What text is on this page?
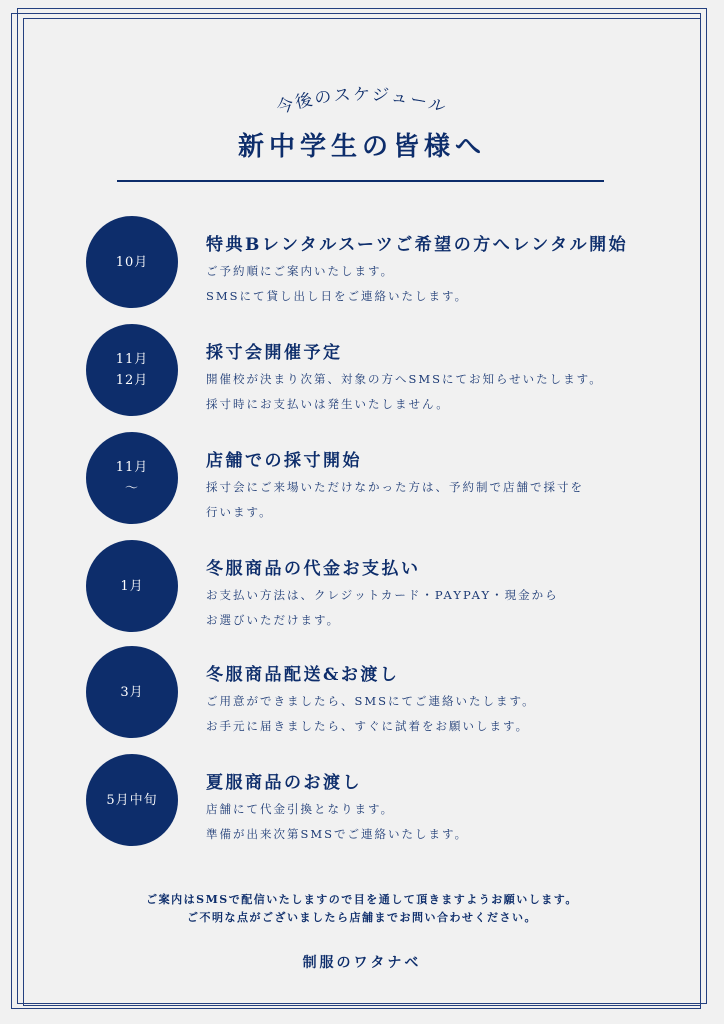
今後のスケジュール
新中学生の皆様へ
10月
特典Bレンタルスーツご希望の方へレンタル開始
ご予約順にご案内いたします。
SMSにて貸し出し日をご連絡いたします。
11月
12月
採寸会開催予定
開催校が決まり次第、対象の方へSMSにてお知らせいたします。
採寸時にお支払いは発生いたしません。
11月
～
店舗での採寸開始
採寸会にご来場いただけなかった方は、予約制で店舗で採寸を
行います。
1月
冬服商品の代金お支払い
お支払い方法は、クレジットカード・PAYPAY・現金から
お選びいただけます。
3月
冬服商品配送&お渡し
ご用意ができましたら、SMSにてご連絡いたします。
お手元に届きましたら、すぐに試着をお願いします。
5月中旬
夏服商品のお渡し
店舗にて代金引換となります。
準備が出来次第SMSでご連絡いたします。
ご案内はSMSで配信いたしますので目を通して頂きますようお願いします。
ご不明な点がございましたら店舗までお問い合わせください。
制服のワタナベ
